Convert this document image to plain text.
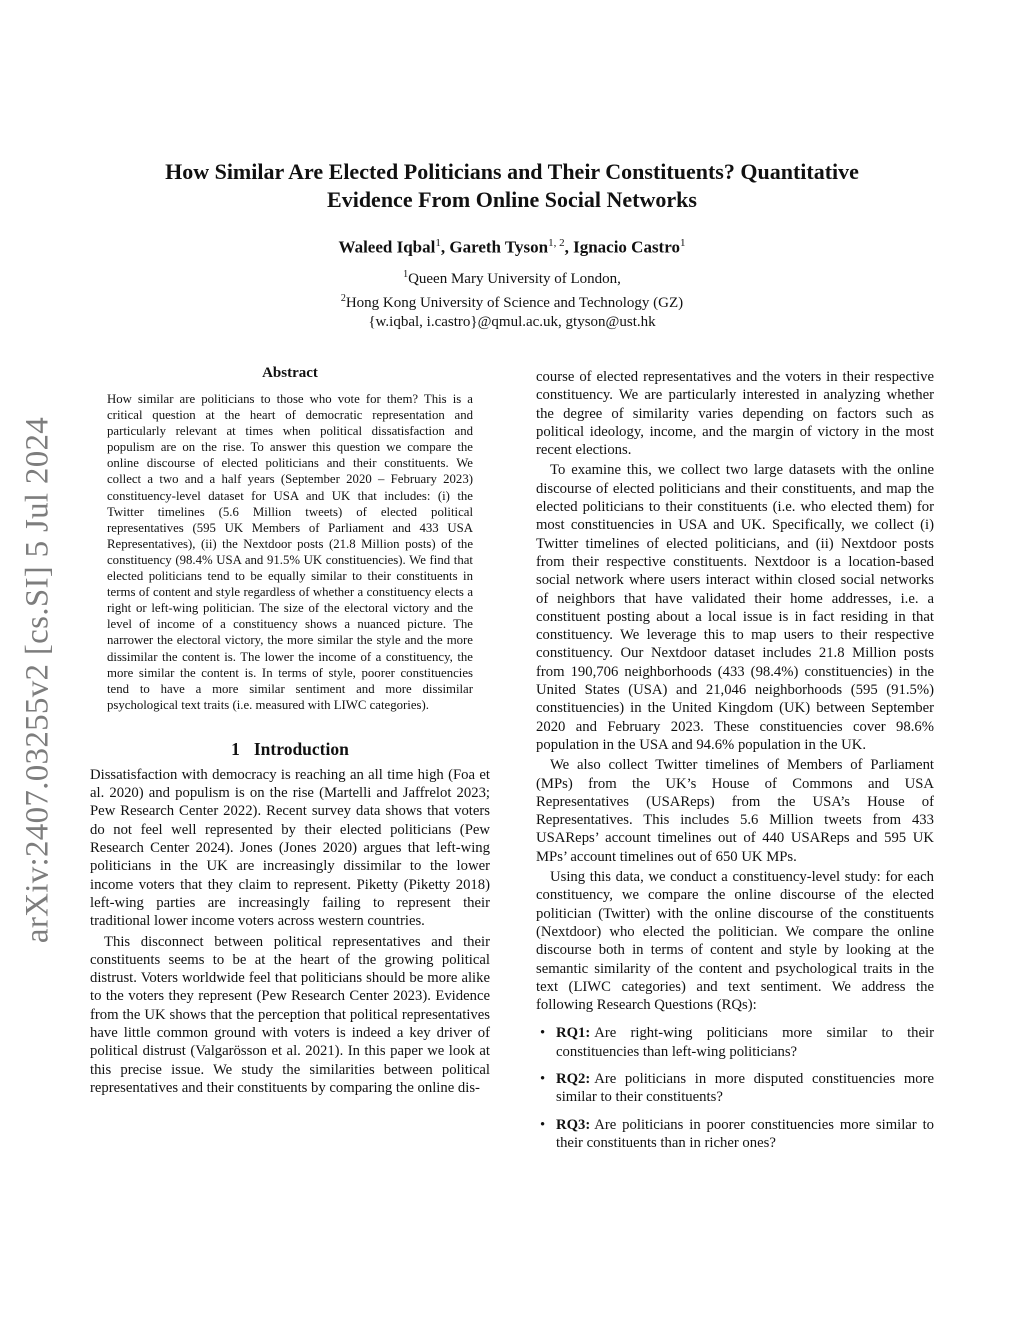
arXiv:2407.03255v2 [cs.SI] 5 Jul 2024
How Similar Are Elected Politicians and Their Constituents? Quantitative
Evidence From Online Social Networks
Waleed Iqbal$^1$, Gareth Tyson$^{1, 2}$, Ignacio Castro$^1$
$^1$Queen Mary University of London,
$^2$Hong Kong University of Science and Technology (GZ)
{w.iqbal, i.castro}@qmul.ac.uk, gtyson@ust.hk
Abstract
How similar are politicians to those who vote for them? This is a critical question at the heart of democratic representation and particularly relevant at times when political dissatisfaction and populism are on the rise. To answer this question we compare the online discourse of elected politicians and their constituents. We collect a two and a half years (September 2020 – February 2023) constituency-level dataset for USA and UK that includes: (i) the Twitter timelines (5.6 Million tweets) of elected political representatives (595 UK Members of Parliament and 433 USA Representatives), (ii) the Nextdoor posts (21.8 Million posts) of the constituency (98.4% USA and 91.5% UK constituencies). We find that elected politicians tend to be equally similar to their constituents in terms of content and style regardless of whether a constituency elects a right or left-wing politician. The size of the electoral victory and the level of income of a constituency shows a nuanced picture. The narrower the electoral victory, the more similar the style and the more dissimilar the content is. The lower the income of a constituency, the more similar the content is. In terms of style, poorer constituencies tend to have a more similar sentiment and more dissimilar psychological text traits (i.e. measured with LIWC categories).
1 Introduction

Dissatisfaction with democracy is reaching an all time high (Foa et al. 2020) and populism is on the rise (Martelli and Jaffrelot 2023; Pew Research Center 2022). Recent survey data shows that voters do not feel well represented by their elected politicians (Pew Research Center 2024). Jones (Jones 2020) argues that left-wing politicians in the UK are increasingly dissimilar to the lower income voters that they claim to represent. Piketty (Piketty 2018) left-wing parties are increasingly failing to represent their traditional lower income voters across western countries.

This disconnect between political representatives and their constituents seems to be at the heart of the growing political distrust. Voters worldwide feel that politicians should be more alike to the voters they represent (Pew Research Center 2023). Evidence from the UK shows that the perception that political representatives have little common ground with voters is indeed a key driver of political distrust (Valgarösson et al. 2021). In this paper we look at this precise issue. We study the similarities between political representatives and their constituents by comparing the online dis-

course of elected representatives and the voters in their respective constituency. We are particularly interested in analyzing whether the degree of similarity varies depending on factors such as political ideology, income, and the margin of victory in the most recent elections.

To examine this, we collect two large datasets with the online discourse of elected politicians and their constituents, and map the elected politicians to their constituents (i.e. who elected them) for most constituencies in USA and UK. Specifically, we collect (i) Twitter timelines of elected politicians, and (ii) Nextdoor posts from their respective constituents. Nextdoor is a location-based social network where users interact within closed social networks of neighbors that have validated their home addresses, i.e. a constituent posting about a local issue is in fact residing in that constituency. We leverage this to map users to their respective constituency. Our Nextdoor dataset includes 21.8 Million posts from 190,706 neighborhoods (433 (98.4%) constituencies) in the United States (USA) and 21,046 neighborhoods (595 (91.5%) constituencies) in the United Kingdom (UK) between September 2020 and February 2023. These constituencies cover 98.6% population in the USA and 94.6% population in the UK.

We also collect Twitter timelines of Members of Parliament (MPs) from the UK’s House of Commons and USA Representatives (USAReps) from the USA’s House of Representatives. This includes 5.6 Million tweets from 433 USAReps’ account timelines out of 440 USAReps and 595 UK MPs’ account timelines out of 650 UK MPs.

Using this data, we conduct a constituency-level study: for each constituency, we compare the online discourse of the elected politician (Twitter) with the online discourse of the constituents (Nextdoor) who elected the politician. We compare the online discourse both in terms of content and style by looking at the semantic similarity of the content and psychological traits in the text (LIWC categories) and text sentiment. We address the following Research Questions (RQs):

• RQ1: Are right-wing politicians more similar to their constituencies than left-wing politicians?
• RQ2: Are politicians in more disputed constituencies more similar to their constituents?
• RQ3: Are politicians in poorer constituencies more similar to their constituents than in richer ones?
